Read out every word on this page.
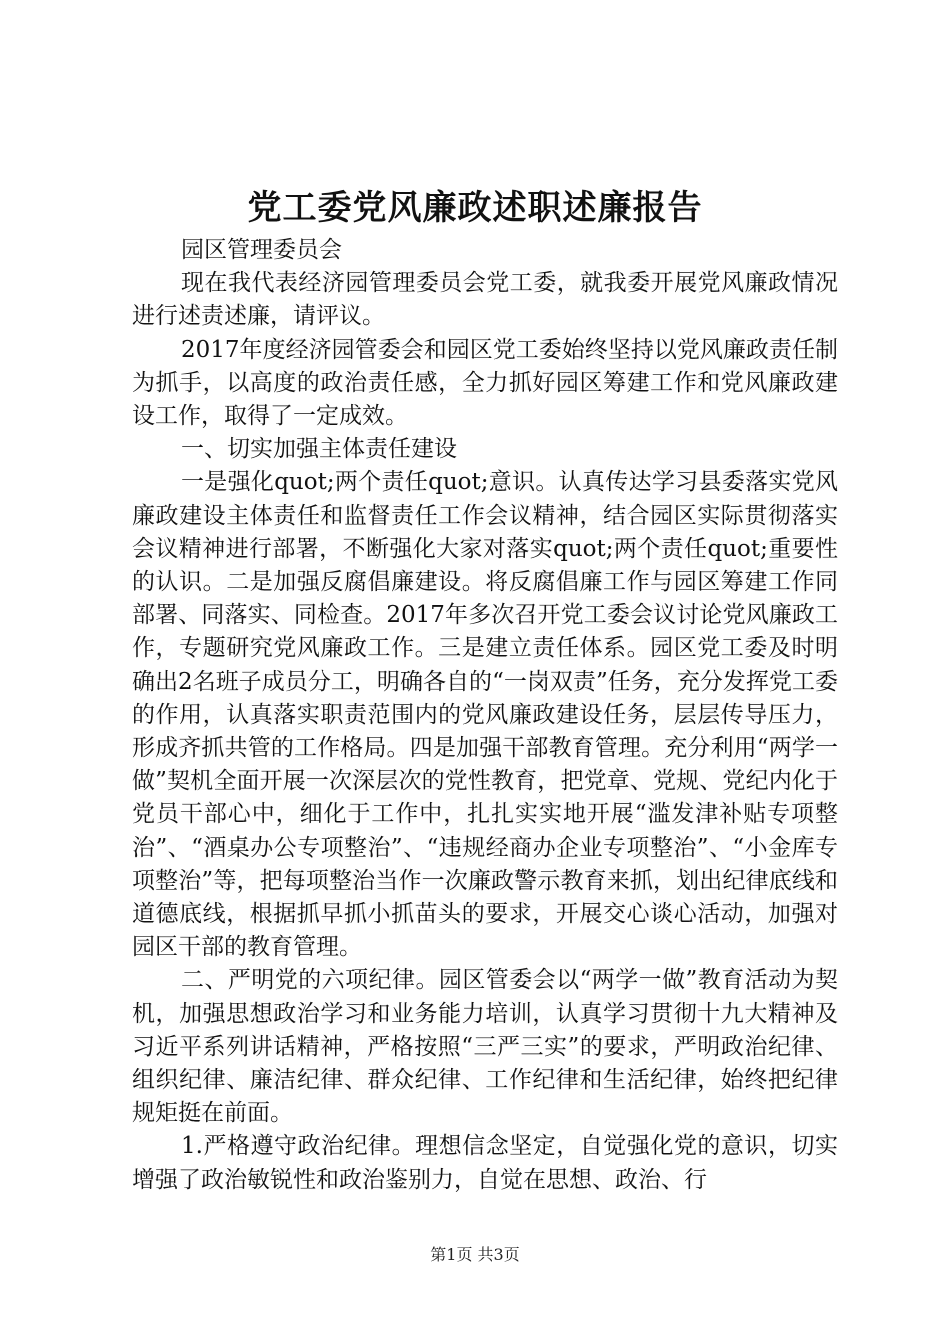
党工委党风廉政述职述廉报告

园区管理委员会

现在我代表经济园管理委员会党工委，就我委开展党风廉政情况进行述责述廉，请评议。

2017年度经济园管委会和园区党工委始终坚持以党风廉政责任制为抓手，以高度的政治责任感，全力抓好园区筹建工作和党风廉政建设工作，取得了一定成效。

一、切实加强主体责任建设

一是强化quot;两个责任quot;意识。认真传达学习县委落实党风廉政建设主体责任和监督责任工作会议精神，结合园区实际贯彻落实会议精神进行部署，不断强化大家对落实quot;两个责任quot;重要性的认识。二是加强反腐倡廉建设。将反腐倡廉工作与园区筹建工作同部署、同落实、同检查。2017年多次召开党工委会议讨论党风廉政工作，专题研究党风廉政工作。三是建立责任体系。园区党工委及时明确出2名班子成员分工，明确各自的“一岗双责”任务，充分发挥党工委的作用，认真落实职责范围内的党风廉政建设任务，层层传导压力，形成齐抓共管的工作格局。四是加强干部教育管理。充分利用“两学一做”契机全面开展一次深层次的党性教育，把党章、党规、党纪内化于党员干部心中，细化于工作中，扎扎实实地开展“滥发津补贴专项整治”、“酒桌办公专项整治”、“违规经商办企业专项整治”、“小金库专项整治”等，把每项整治当作一次廉政警示教育来抓，划出纪律底线和道德底线，根据抓早抓小抓苗头的要求，开展交心谈心活动，加强对园区干部的教育管理。

二、严明党的六项纪律。园区管委会以“两学一做”教育活动为契机，加强思想政治学习和业务能力培训，认真学习贯彻十九大精神及习近平系列讲话精神，严格按照“三严三实”的要求，严明政治纪律、组织纪律、廉洁纪律、群众纪律、工作纪律和生活纪律，始终把纪律规矩挺在前面。

1.严格遵守政治纪律。理想信念坚定，自觉强化党的意识，切实增强了政治敏锐性和政治鉴别力，自觉在思想、政治、行

第1页 共3页
